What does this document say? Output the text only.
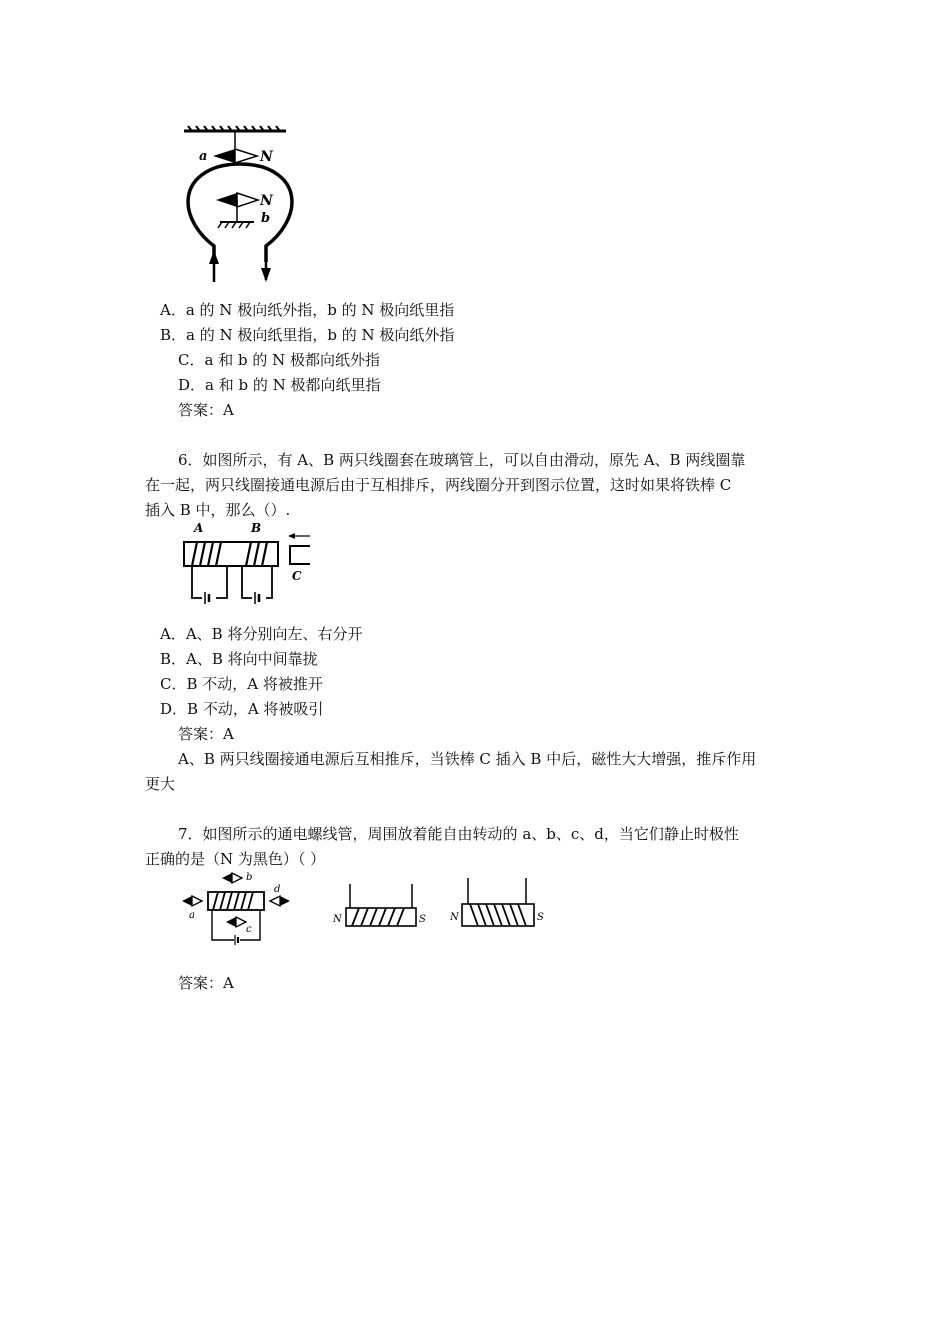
a	N
N
b
A．a 的 N 极向纸外指，b 的 N 极向纸里指
B．a 的 N 极向纸里指，b 的 N 极向纸外指
C．a 和 b 的 N 极都向纸外指
D．a 和 b 的 N 极都向纸里指
答案：A
6．如图所示，有 A、B 两只线圈套在玻璃管上，可以自由滑动，原先 A、B 两线圈靠
在一起，两只线圈接通电源后由于互相排斥，两线圈分开到图示位置，这时如果将铁棒 C
插入 B 中，那么（）.
A	B
C
A．A、B 将分别向左、右分开
B．A、B 将向中间靠拢
C．B 不动，A 将被推开
D．B 不动，A 将被吸引
答案：A
A、B 两只线圈接通电源后互相推斥，当铁棒 C 插入 B 中后，磁性大大增强，推斥作用
更大
7．如图所示的通电螺线管，周围放着能自由转动的 a、b、c、d，当它们静止时极性
正确的是（N 为黑色）（ ）
b
a
d
c
N	S N	S
答案：A
